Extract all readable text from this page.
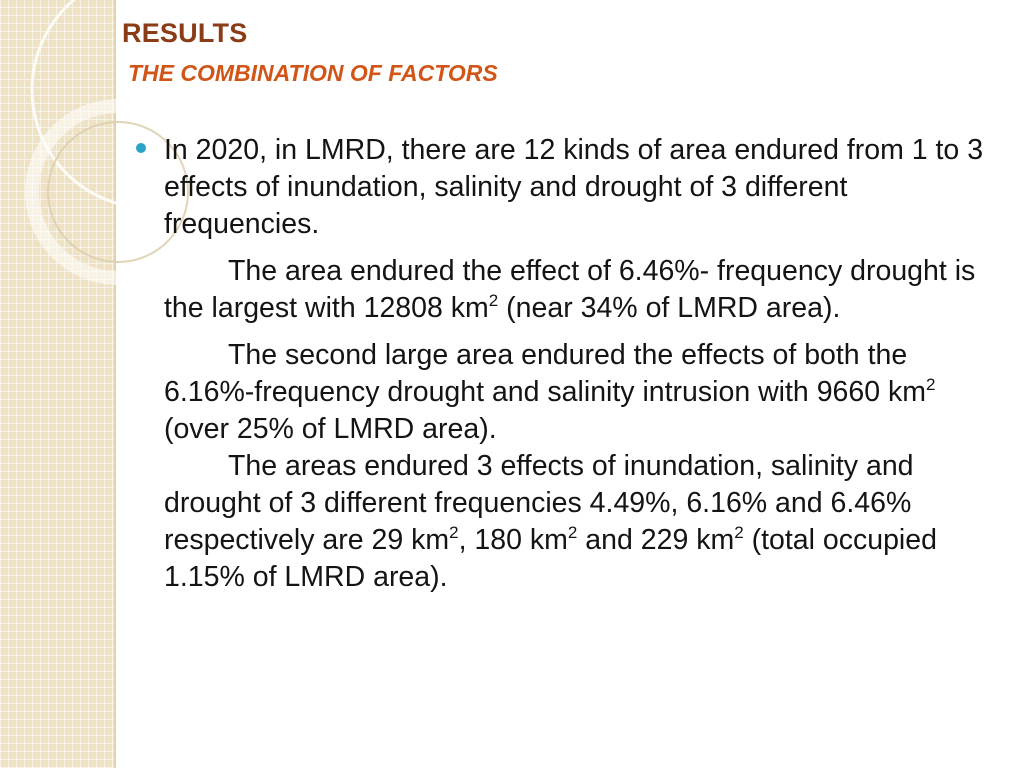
RESULTS
THE COMBINATION OF FACTORS

In 2020, in LMRD, there are 12 kinds of area endured from 1 to 3 effects of inundation, salinity and drought of 3 different frequencies.

The area endured the effect of 6.46%- frequency drought is the largest with 12808 $km^2$ (near 34% of LMRD area).

The second large area endured the effects of both the 6.16%-frequency drought and salinity intrusion with 9660 $km^2$ (over 25% of LMRD area).

The areas endured 3 effects of inundation, salinity and drought of 3 different frequencies 4.49%, 6.16% and 6.46% respectively are 29 $km^2$, 180 $km^2$ and 229 $km^2$ (total occupied 1.15% of LMRD area).
